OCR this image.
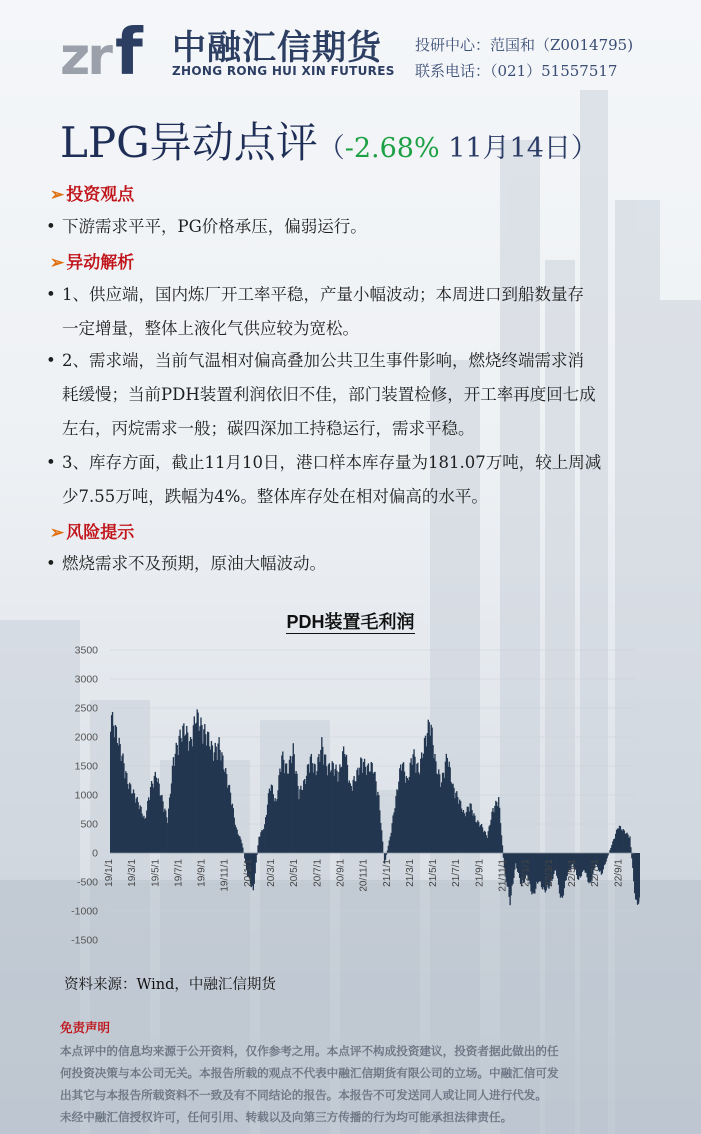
zr f 中融汇信期货
ZHONG RONG HUI XIN FUTURES
投研中心：范国和（Z0014795)
联系电话：（021）51557517
LPG异动点评（-2.68% 11月14日）
➢ 投资观点
• 下游需求平平，PG价格承压，偏弱运行。
➢ 异动解析
• 1、供应端，国内炼厂开工率平稳，产量小幅波动；本周进口到船数量存
一定增量，整体上液化气供应较为宽松。
• 2、需求端，当前气温相对偏高叠加公共卫生事件影响，燃烧终端需求消
耗缓慢；当前PDH装置利润依旧不佳，部门装置检修，开工率再度回七成
左右，丙烷需求一般；碳四深加工持稳运行，需求平稳。
• 3、库存方面，截止11月10日，港口样本库存量为181.07万吨，较上周减
少7.55万吨，跌幅为4%。整体库存处在相对偏高的水平。
➢ 风险提示
• 燃烧需求不及预期，原油大幅波动。
PDH装置毛利润
3500
3000
2500
2000
1500
1000
500
0
-500
-1000
-1500
19/1/1 19/3/1 19/5/1 19/7/1 19/9/1 19/11/1 20/1/1 20/3/1 20/5/1 20/7/1 20/9/1 20/11/1 21/1/1 21/3/1 21/5/1 21/7/1 21/9/1 21/11/1 22/1/1 22/3/1 22/5/1 22/7/1 22/9/1
资料来源：Wind，中融汇信期货
免责声明
本点评中的信息均来源于公开资料，仅作参考之用。本点评不构成投资建议，投资者据此做出的任
何投资决策与本公司无关。本报告所载的观点不代表中融汇信期货有限公司的立场。中融汇信可发
出其它与本报告所载资料不一致及有不同结论的报告。本报告不可发送同人或让同人进行代发。
未经中融汇信授权许可，任何引用、转载以及向第三方传播的行为均可能承担法律责任。
